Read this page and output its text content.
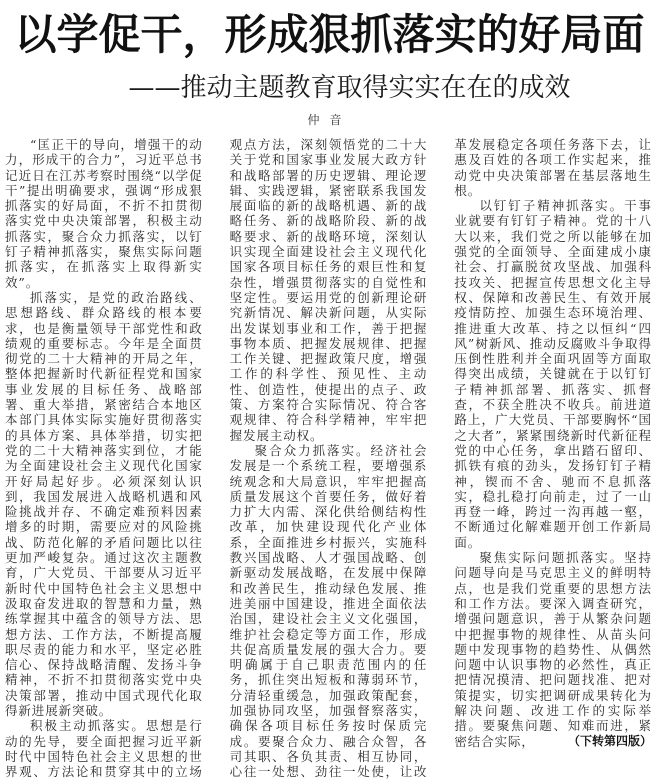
以学促干，形成狠抓落实的好局面
——推动主题教育取得实实在在的成效
仲音

“匡正干的导向，增强干的动力，形成干的合力”，习近平总书记近日在江苏考察时围绕“以学促干”提出明确要求，强调“形成狠抓落实的好局面，不折不扣贯彻落实党中央决策部署，积极主动抓落实，聚合众力抓落实，以钉钉子精神抓落实，聚焦实际问题抓落实，在抓落实上取得新实效”。

抓落实，是党的政治路线、思想路线、群众路线的根本要求，也是衡量领导干部党性和政绩观的重要标志。今年是全面贯彻党的二十大精神的开局之年，整体把握新时代新征程党和国家事业发展的目标任务、战略部署、重大举措，紧密结合本地区本部门具体实际实施好贯彻落实的具体方案、具体举措，切实把党的二十大精神落实到位，才能为全面建设社会主义现代化国家开好局起好步。必须深刻认识到，我国发展进入战略机遇和风险挑战并存、不确定难预料因素增多的时期，需要应对的风险挑战、防范化解的矛盾问题比以往更加严峻复杂。通过这次主题教育，广大党员、干部要从习近平新时代中国特色社会主义思想中汲取奋发进取的智慧和力量，熟练掌握其中蕴含的领导方法、思想方法、工作方法，不断提高履职尽责的能力和水平，坚定必胜信心、保持战略清醒、发扬斗争精神，不折不扣贯彻落实党中央决策部署，推动中国式现代化取得新进展新突破。

积极主动抓落实。思想是行动的先导，要全面把握习近平新时代中国特色社会主义思想的世界观、方法论和贯穿其中的立场观点方法，深刻领悟党的二十大关于党和国家事业发展大政方针和战略部署的历史逻辑、理论逻辑、实践逻辑，紧密联系我国发展面临的新的战略机遇、新的战略任务、新的战略阶段、新的战略要求、新的战略环境，深刻认识实现全面建设社会主义现代化国家各项目标任务的艰巨性和复杂性，增强贯彻落实的自觉性和坚定性。要运用党的创新理论研究新情况、解决新问题，从实际出发谋划事业和工作，善于把握事物本质、把握发展规律、把握工作关键、把握政策尺度，增强工作的科学性、预见性、主动性、创造性，使提出的点子、政策、方案符合实际情况、符合客观规律、符合科学精神，牢牢把握发展主动权。

聚合众力抓落实。经济社会发展是一个系统工程，要增强系统观念和大局意识，牢牢把握高质量发展这个首要任务，做好着力扩大内需、深化供给侧结构性改革，加快建设现代化产业体系，全面推进乡村振兴，实施科教兴国战略、人才强国战略、创新驱动发展战略，在发展中保障和改善民生，推动绿色发展、推进美丽中国建设，推进全面依法治国，建设社会主义文化强国，维护社会稳定等方面工作，形成共促高质量发展的强大合力。要明确属于自己职责范围内的任务，抓住突出短板和薄弱环节，分清轻重缓急，加强政策配套，加强协同攻坚，加强督察落实，确保各项目标任务按时保质完成。要聚合众力、融合众智，各司其职、各负其责、相互协同，心往一处想、劲往一处使，让改革发展稳定各项任务落下去，让惠及百姓的各项工作实起来，推动党中央决策部署在基层落地生根。

以钉钉子精神抓落实。干事业就要有钉钉子精神。党的十八大以来，我们党之所以能够在加强党的全面领导、全面建成小康社会、打赢脱贫攻坚战、加强科技攻关、把握宣传思想文化主导权、保障和改善民生、有效开展疫情防控、加强生态环境治理、推进重大改革、持之以恒纠“四风”树新风、推动反腐败斗争取得压倒性胜利并全面巩固等方面取得突出成绩，关键就在于以钉钉子精神抓部署、抓落实、抓督查，不获全胜决不收兵。前进道路上，广大党员、干部要胸怀“国之大者”，紧紧围绕新时代新征程党的中心任务，拿出踏石留印、抓铁有痕的劲头，发扬钉钉子精神，锲而不舍、驰而不息抓落实，稳扎稳打向前走，过了一山再登一峰，跨过一沟再越一壑，不断通过化解难题开创工作新局面。

聚焦实际问题抓落实。坚持问题导向是马克思主义的鲜明特点，也是我们党重要的思想方法和工作方法。要深入调查研究，增强问题意识，善于从繁杂问题中把握事物的规律性、从苗头问题中发现事物的趋势性、从偶然问题中认识事物的必然性，真正把情况摸清、把问题找准、把对策提实，切实把调研成果转化为解决问题、改进工作的实际举措。要聚焦问题、知难而进，紧密结合实际，	（下转第四版）
